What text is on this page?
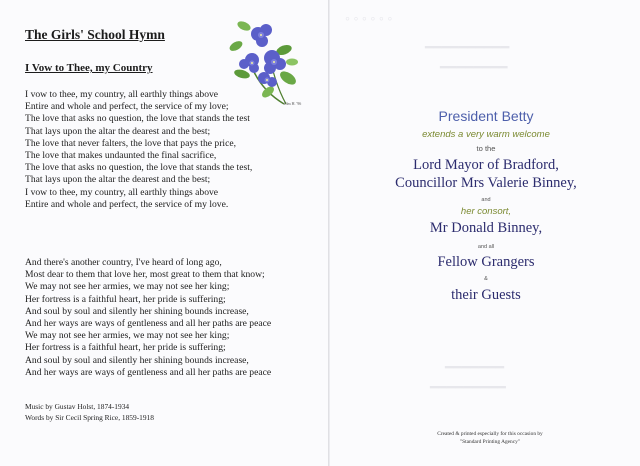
◦ ◦ ◦ ◦ ◦ ◦
━━━━━━━━━━
━━━━━━━━
━━━━━━━
━━━━━━━━━
The Girls' School Hymn
I Vow to Thee, my Country
I vow to thee, my country, all earthly things above
Entire and whole and perfect, the service of my love;
The love that asks no question, the love that stands the test
That lays upon the altar the dearest and the best;
The love that never falters, the love that pays the price,
The love that makes undaunted the final sacrifice,
The love that asks no question, the love that stands the test,
That lays upon the altar the dearest and the best;
I vow to thee, my country, all earthly things above
Entire and whole and perfect, the service of my love.
And there's another country, I've heard of long ago,
Most dear to them that love her, most great to them that know;
We may not see her armies, we may not see her king;
Her fortress is a faithful heart, her pride is suffering;
And soul by soul and silently her shining bounds increase,
And her ways are ways of gentleness and all her paths are peace
We may not see her armies, we may not see her king;
Her fortress is a faithful heart, her pride is suffering;
And soul by soul and silently her shining bounds increase,
And her ways are ways of gentleness and all her paths are peace
Music by Gustav Holst, 1874-1934
Words by Sir Cecil Spring Rice, 1859-1918
Elm H. '96
President Betty
extends a very warm welcome
to the
Lord Mayor of Bradford,
Councillor Mrs Valerie Binney,
and
her consort,
Mr Donald Binney,
and all
Fellow Grangers
&
their Guests
Created & printed especially for this occasion by
"Standard Printing Agency"
